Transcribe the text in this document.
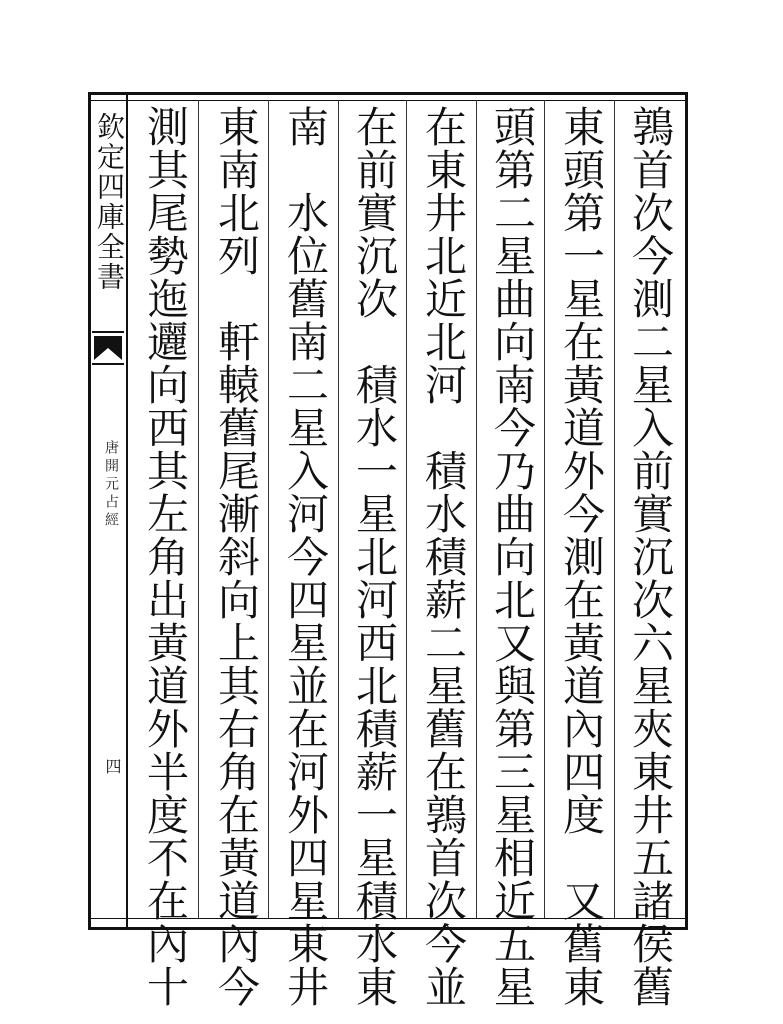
欽定四庫全書
唐開元占經
四	鶉首次今測二星入前實沉次六星夾東井五諸侯舊
東頭第一星在黃道外今測在黃道內四度　又舊東
頭第二星曲向南今乃曲向北又與第三星相近五星
在東井北近北河　積水積薪二星舊在鶉首次今並
在前實沉次　積水一星北河西北積薪一星積水東
南　水位舊南二星入河今四星並在河外四星東井
東南北列　軒轅舊尾漸斜向上其右角在黃道內今
測其尾勢迤邐向西其左角出黃道外半度不在內十
